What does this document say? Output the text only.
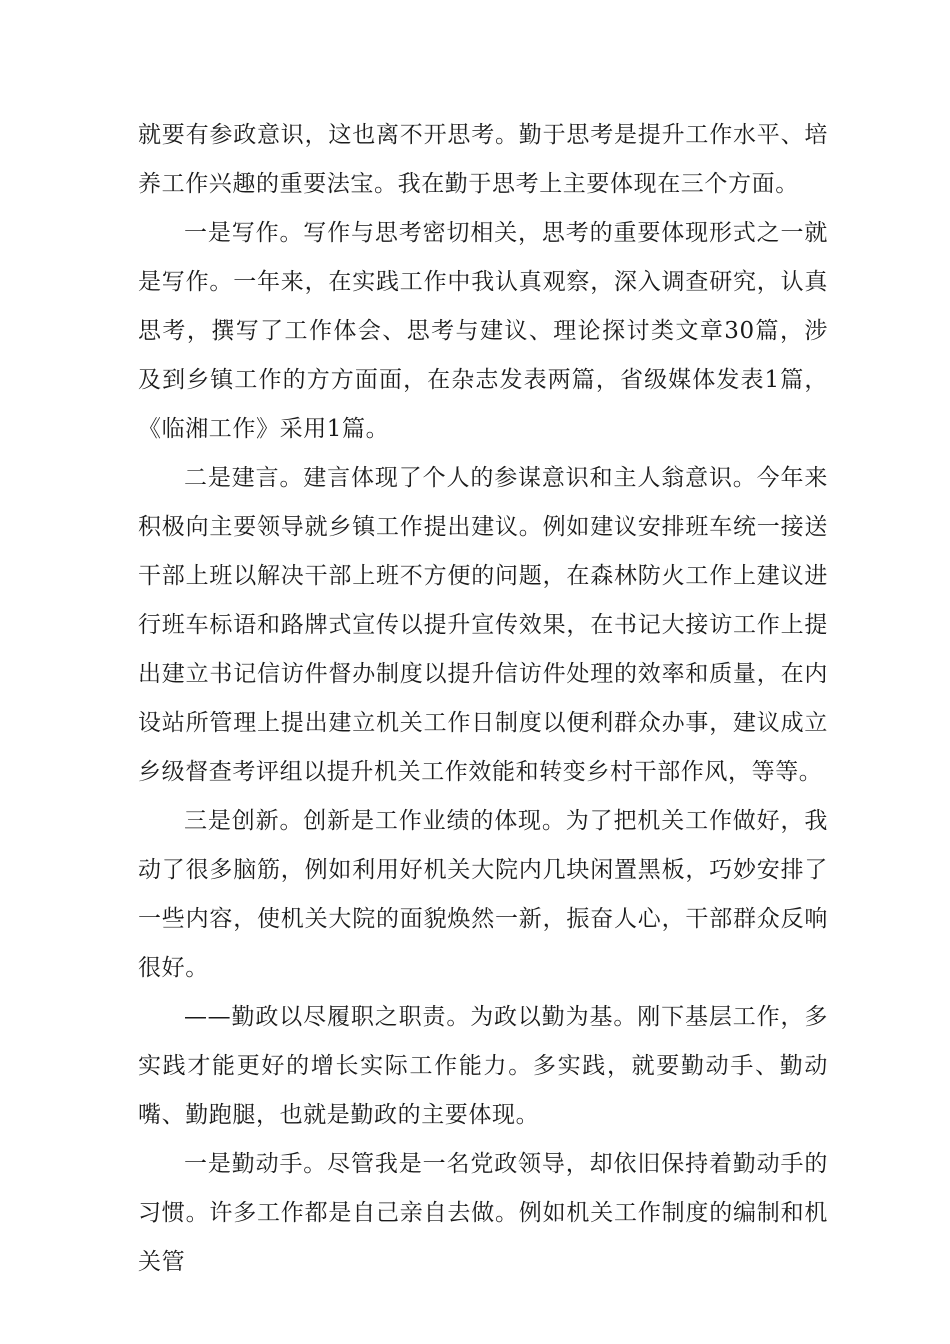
就要有参政意识，这也离不开思考。勤于思考是提升工作水平、培养工作兴趣的重要法宝。我在勤于思考上主要体现在三个方面。

一是写作。写作与思考密切相关，思考的重要体现形式之一就是写作。一年来，在实践工作中我认真观察，深入调查研究，认真思考，撰写了工作体会、思考与建议、理论探讨类文章30篇，涉及到乡镇工作的方方面面，在杂志发表两篇，省级媒体发表1篇，《临湘工作》采用1篇。

二是建言。建言体现了个人的参谋意识和主人翁意识。今年来积极向主要领导就乡镇工作提出建议。例如建议安排班车统一接送干部上班以解决干部上班不方便的问题，在森林防火工作上建议进行班车标语和路牌式宣传以提升宣传效果，在书记大接访工作上提出建立书记信访件督办制度以提升信访件处理的效率和质量，在内设站所管理上提出建立机关工作日制度以便利群众办事，建议成立乡级督查考评组以提升机关工作效能和转变乡村干部作风，等等。

三是创新。创新是工作业绩的体现。为了把机关工作做好，我动了很多脑筋，例如利用好机关大院内几块闲置黑板，巧妙安排了一些内容，使机关大院的面貌焕然一新，振奋人心，干部群众反响很好。

——勤政以尽履职之职责。为政以勤为基。刚下基层工作，多实践才能更好的增长实际工作能力。多实践，就要勤动手、勤动嘴、勤跑腿，也就是勤政的主要体现。

一是勤动手。尽管我是一名党政领导，却依旧保持着勤动手的习惯。许多工作都是自己亲自去做。例如机关工作制度的编制和机关管
